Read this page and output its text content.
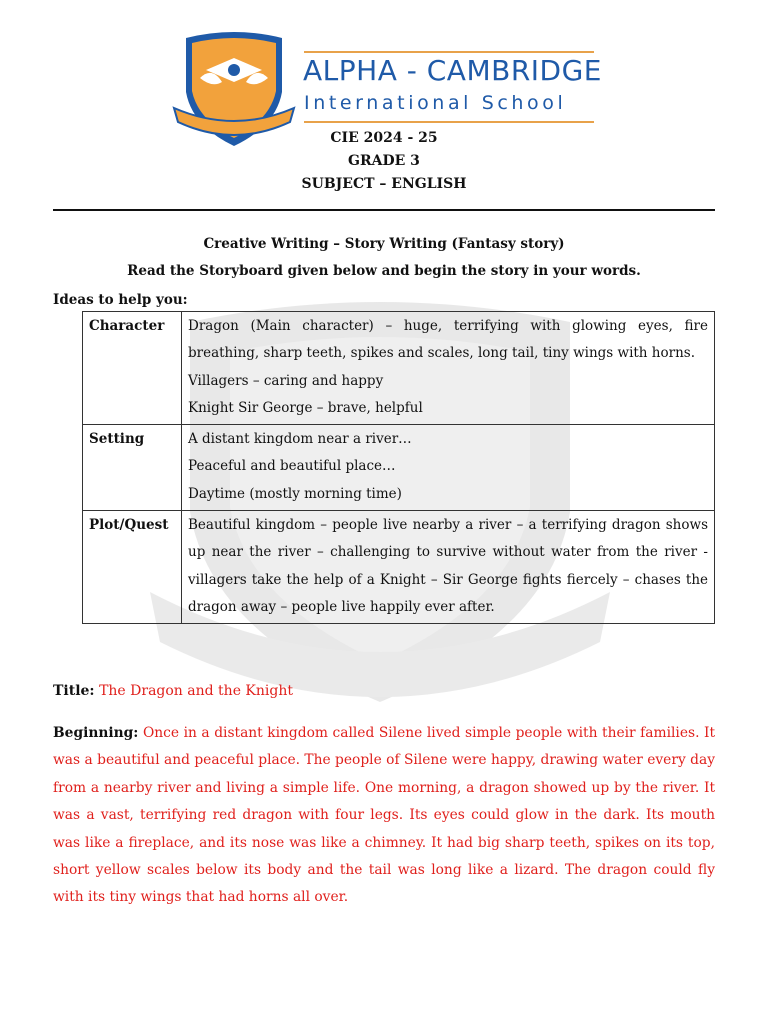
ALPHA - CAMBRIDGE
International School
CIE 2024 - 25
GRADE 3
SUBJECT – ENGLISH
Creative Writing – Story Writing (Fantasy story)
Read the Storyboard given below and begin the story in your words.
Ideas to help you:
Character	Dragon (Main character) – huge, terrifying with glowing eyes, fire breathing, sharp teeth, spikes and scales, long tail, tiny wings with horns.
Villagers – caring and happy
Knight Sir George – brave, helpful

Setting	A distant kingdom near a river…
Peaceful and beautiful place…
Daytime (mostly morning time)

Plot/Quest	Beautiful kingdom – people live nearby a river – a terrifying dragon shows up near the river – challenging to survive without water from the river - villagers take the help of a Knight – Sir George fights fiercely – chases the dragon away – people live happily ever after.
Title: The Dragon and the Knight
Beginning: Once in a distant kingdom called Silene lived simple people with their families. It was a beautiful and peaceful place. The people of Silene were happy, drawing water every day from a nearby river and living a simple life. One morning, a dragon showed up by the river. It was a vast, terrifying red dragon with four legs. Its eyes could glow in the dark. Its mouth was like a fireplace, and its nose was like a chimney. It had big sharp teeth, spikes on its top, short yellow scales below its body and the tail was long like a lizard. The dragon could fly with its tiny wings that had horns all over.
